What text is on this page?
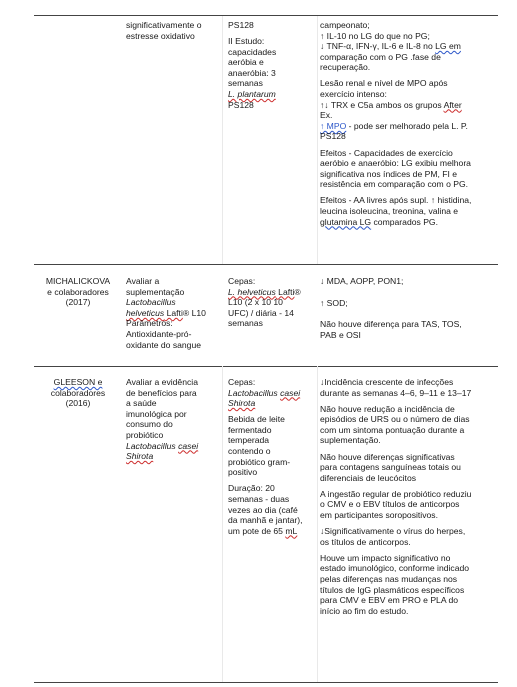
significativamente o
estresse oxidativo

PS128

II Estudo:
capacidades
aeróbia e
anaeróbia: 3
semanas
L. plantarum
PS128
campeonato;
↑ IL-10 no LG do que no PG;
↓ TNF-α, IFN-γ, IL-6 e IL-8 no LG em
comparação com o PG .fase de

recuperação.

Lesão renal e nível de MPO após
exercício intenso:
↑↓ TRX e C5a ambos os grupos After
Ex.
↑ MPO - pode ser melhorado pela L. P.

PS128

Efeitos - Capacidades de exercício
aeróbio e anaeróbio: LG exibiu melhora
significativa nos índices de PM, FI e

resistência em comparação com o PG.

Efeitos - AA livres após supl. ↑ histidina,
leucina isoleucina, treonina, valina e
glutamina LG comparados PG.
MICHALICKOVA
e colaboradores
(2017)
Avaliar a
suplementação
Lactobacillus
helveticus Lafti® L10
Parâmetros:
Antioxidante-pró-
oxidante do sangue
Cepas:
L. helveticus Lafti®
L10 (2 x 10 10
UFC) / diária - 14
semanas

↓ MDA, AOPP, PON1;

↑ SOD;

Não houve diferença para TAS, TOS,
PAB e OSI
GLEESON e
colaboradores
(2016)
Avaliar a evidência
de benefícios para
a saúde
imunológica por
consumo do
probiótico
Lactobacillus casei
Shirota
Cepas:
Lactobacillus casei

Shirota

Bebida de leite
fermentado
temperada
contendo o
probiótico gram-

positivo

Duração: 20
semanas - duas
vezes ao dia (café
da manhã e jantar),
um pote de 65 mL
↓Incidência crescente de infecções

durante as semanas 4–6, 9–11 e 13–17

Não houve redução a incidência de
episódios de URS ou o número de dias
com um sintoma pontuação durante a

suplementação.

Não houve diferenças significativas
para contagens sanguíneas totais ou

diferenciais de leucócitos

A ingestão regular de probiótico reduziu
o CMV e o EBV títulos de anticorpos

em participantes soropositivos.

↓Significativamente o vírus do herpes,

os títulos de anticorpos.

Houve um impacto significativo no
estado imunológico, conforme indicado
pelas diferenças nas mudanças nos
títulos de IgG plasmáticos específicos
para CMV e EBV em PRO e PLA do
início ao fim do estudo.
